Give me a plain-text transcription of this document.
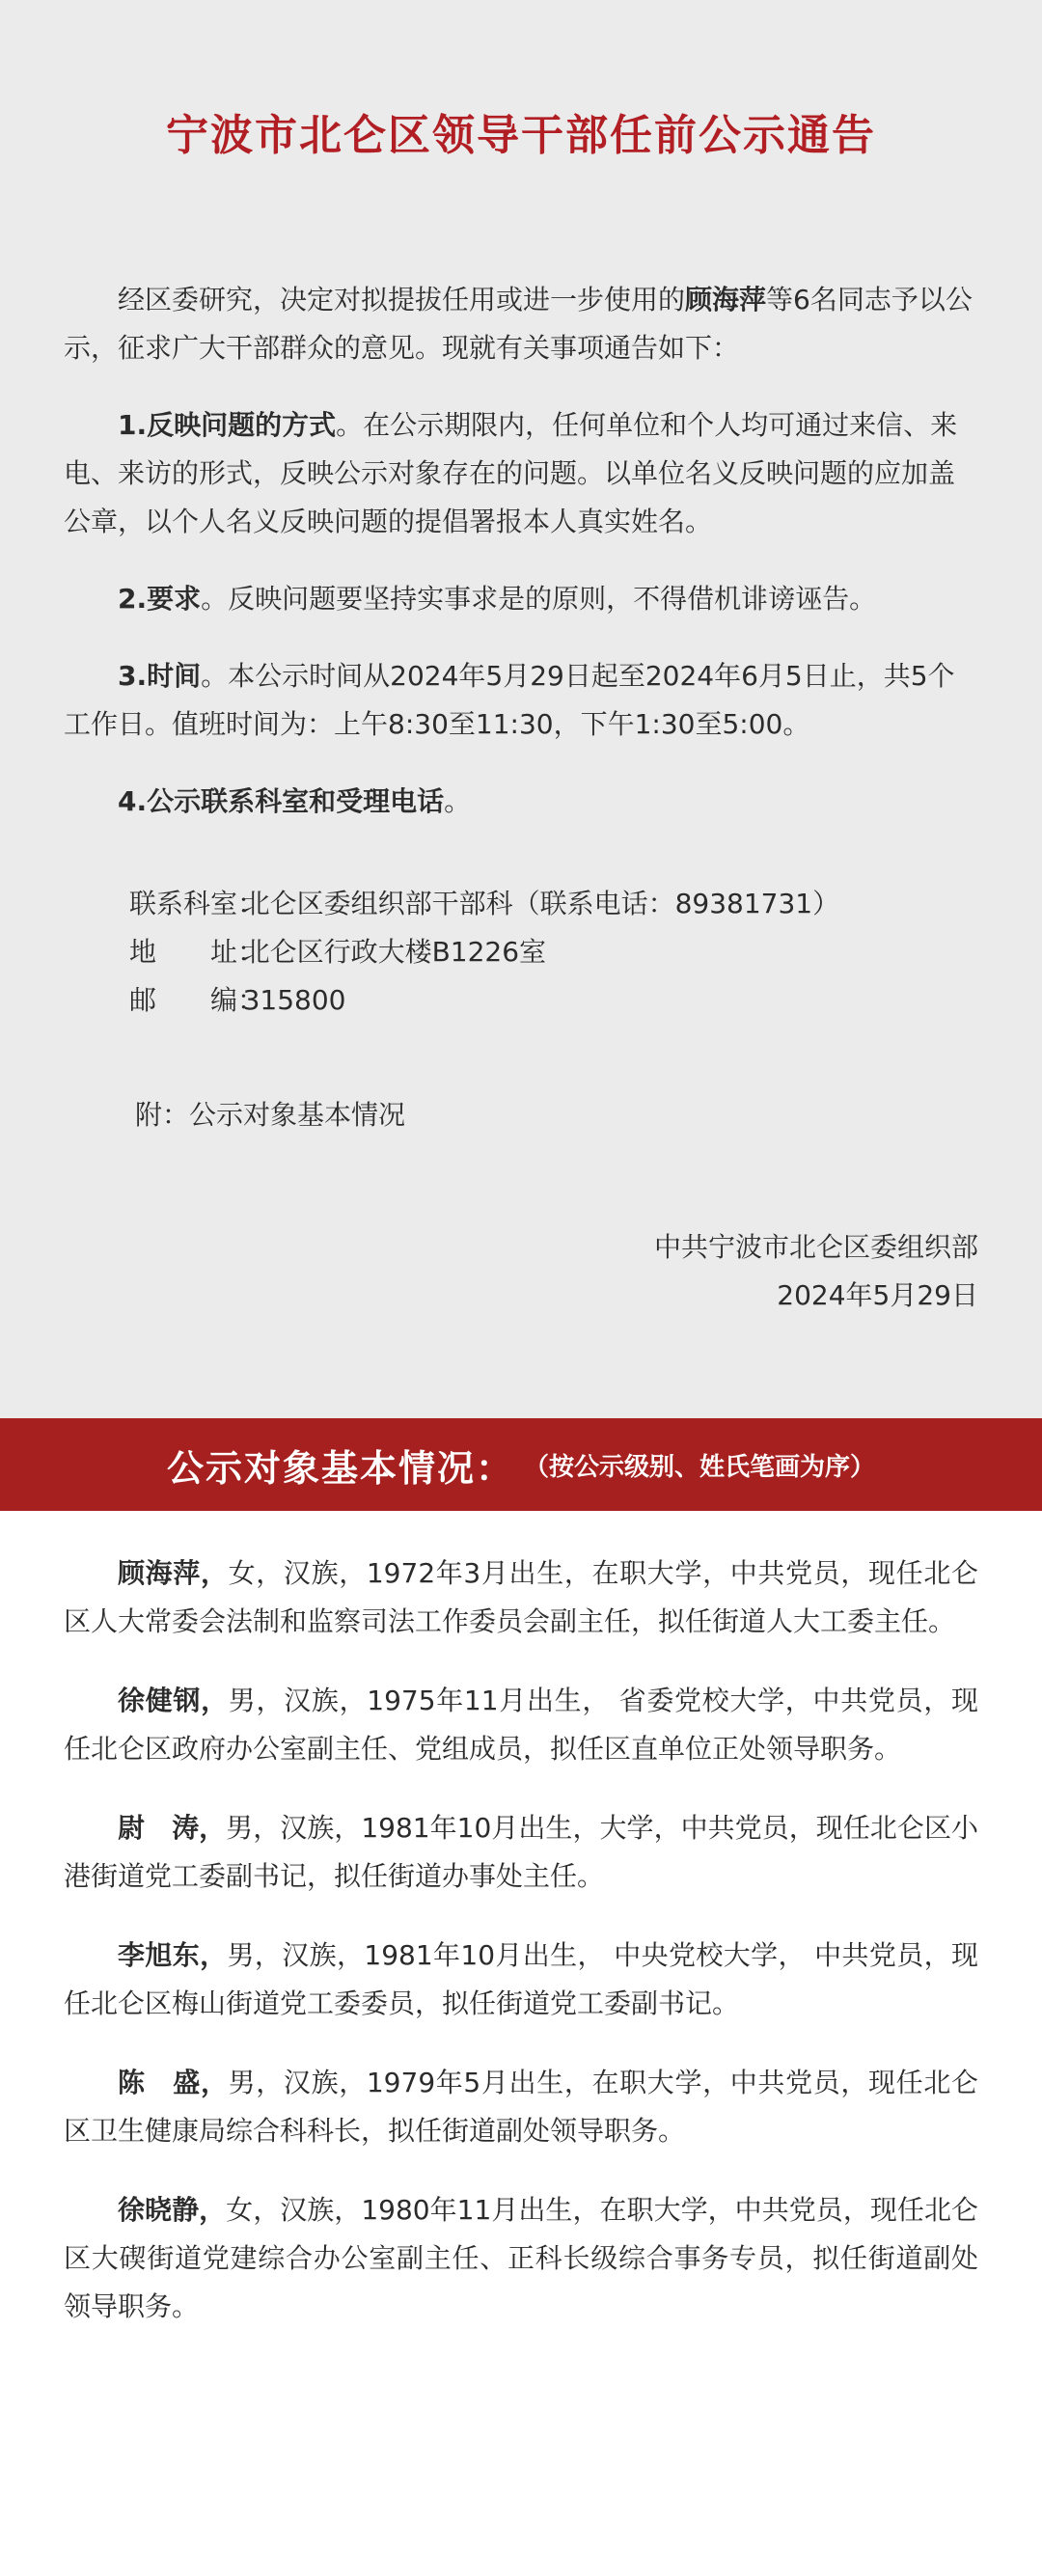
宁波市北仑区领导干部任前公示通告

经区委研究，决定对拟提拔任用或进一步使用的顾海萍等6名同志予以公示，征求广大干部群众的意见。现就有关事项通告如下：

1.反映问题的方式。在公示期限内，任何单位和个人均可通过来信、来电、来访的形式，反映公示对象存在的问题。以单位名义反映问题的应加盖公章，以个人名义反映问题的提倡署报本人真实姓名。

2.要求。反映问题要坚持实事求是的原则，不得借机诽谤诬告。

3.时间。本公示时间从2024年5月29日起至2024年6月5日止，共5个工作日。值班时间为：上午8:30至11:30，下午1:30至5:00。

4.公示联系科室和受理电话。

联系科室：
北仑区委组织部干部科（联系电话：89381731）
地　　址：
北仑区行政大楼B1226室
邮　　编：
315800
附：公示对象基本情况
中共宁波市北仑区委组织部
2024年5月29日
公示对象基本情况： （按公示级别、姓氏笔画为序）

顾海萍，女，汉族，1972年3月出生，在职大学，中共党员，现任北仑区人大常委会法制和监察司法工作委员会副主任，拟任街道人大工委主任。

徐健钢，男，汉族，1975年11月出生， 省委党校大学，中共党员，现任北仑区政府办公室副主任、党组成员，拟任区直单位正处领导职务。

尉　涛，男，汉族，1981年10月出生，大学，中共党员，现任北仑区小港街道党工委副书记，拟任街道办事处主任。

李旭东，男，汉族，1981年10月出生， 中央党校大学， 中共党员，现任北仑区梅山街道党工委委员，拟任街道党工委副书记。

陈　盛，男，汉族，1979年5月出生，在职大学，中共党员，现任北仑区卫生健康局综合科科长，拟任街道副处领导职务。

徐晓静，女，汉族，1980年11月出生，在职大学，中共党员，现任北仑区大碶街道党建综合办公室副主任、正科长级综合事务专员，拟任街道副处领导职务。
